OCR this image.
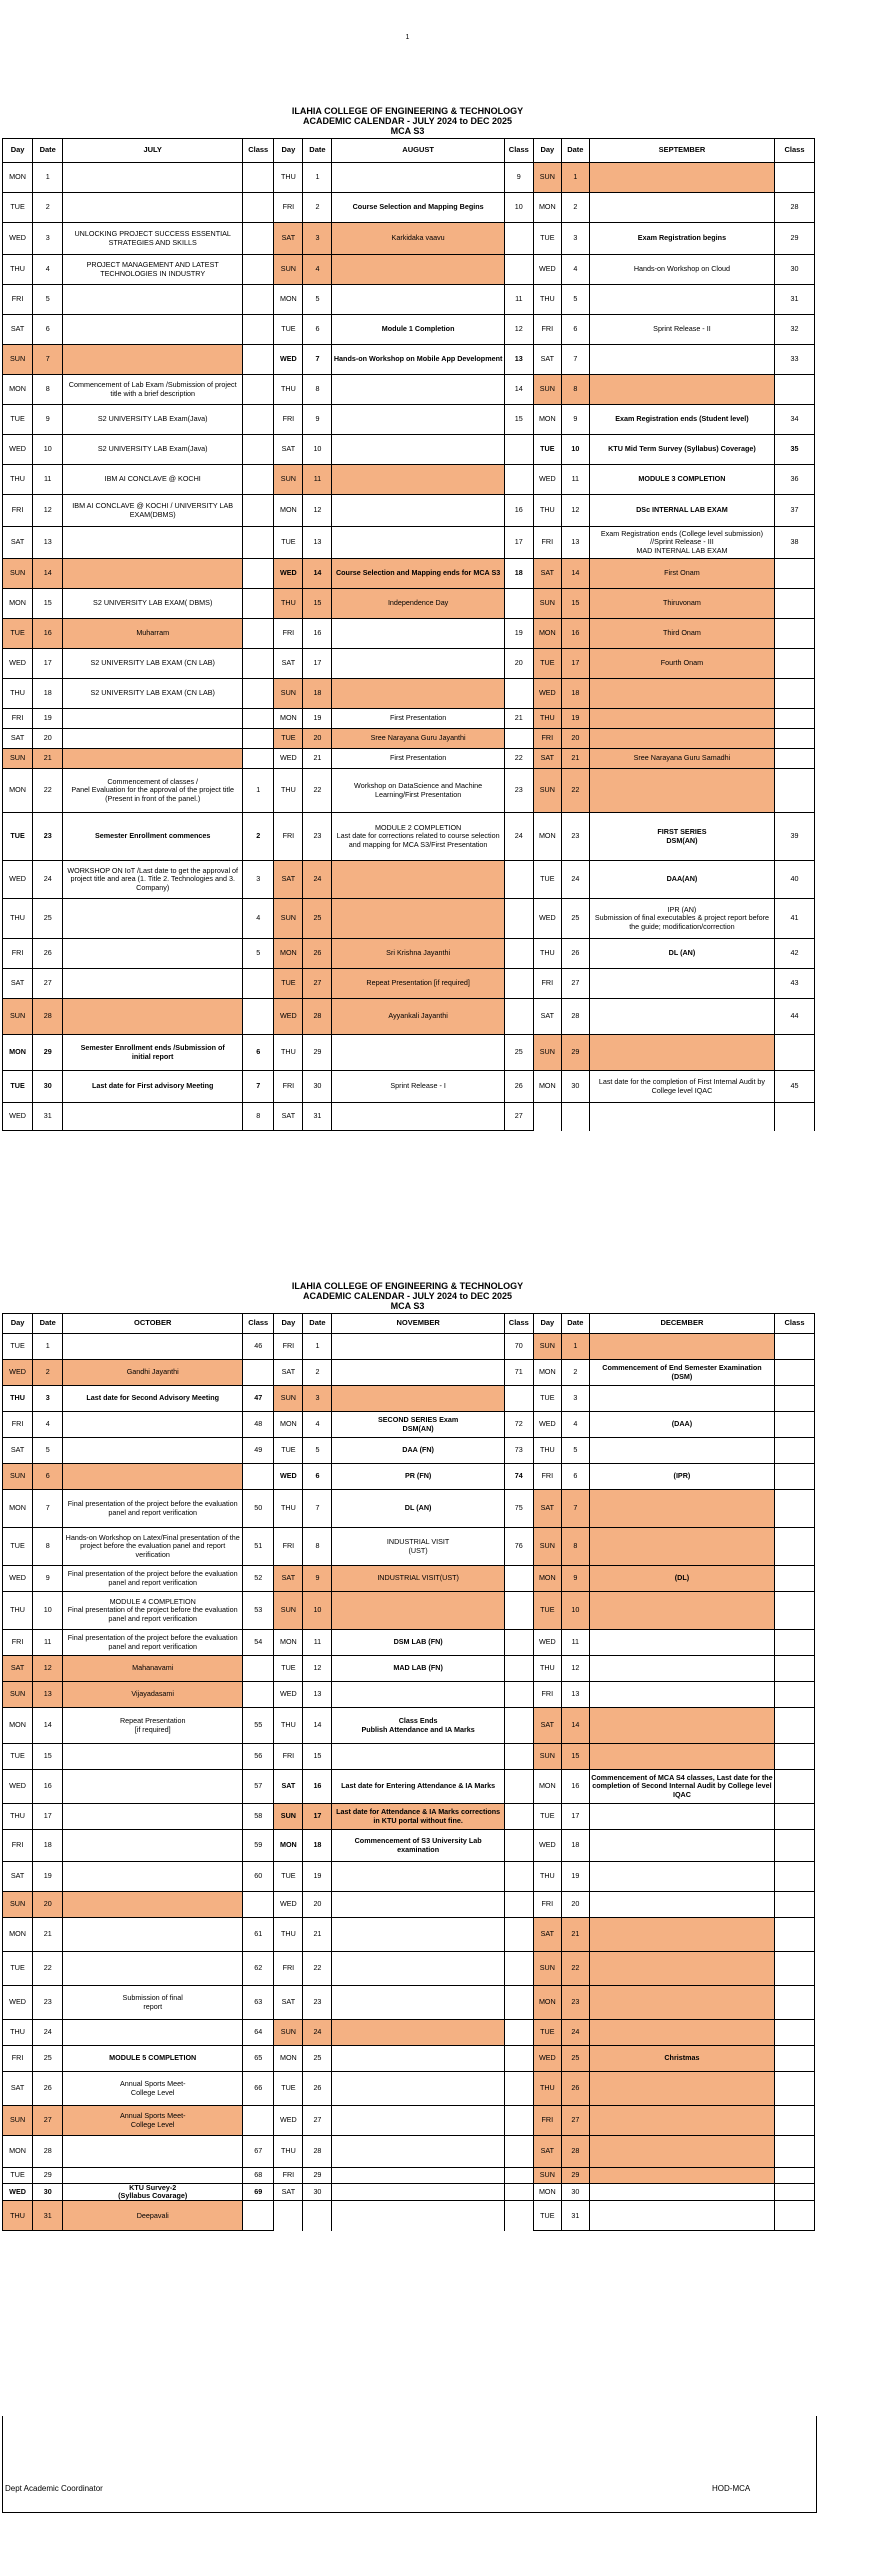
1
ILAHIA COLLEGE OF ENGINEERING & TECHNOLOGY
ACADEMIC CALENDAR - JULY 2024 to DEC 2025
MCA S3
Day	Date	JULY	Class	Day	Date	AUGUST	Class	Day	Date	SEPTEMBER	Class
MON	1			THU	1		9	SUN	1		
TUE	2			FRI	2	Course Selection and Mapping Begins	10	MON	2		28
WED	3	UNLOCKING PROJECT SUCCESS ESSENTIAL STRATEGIES AND SKILLS		SAT	3	Karkidaka vaavu		TUE	3	Exam Registration begins	29
THU	4	PROJECT MANAGEMENT AND LATEST TECHNOLOGIES IN INDUSTRY		SUN	4			WED	4	Hands-on Workshop on Cloud	30
FRI	5			MON	5		11	THU	5		31
SAT	6			TUE	6	Module 1 Completion	12	FRI	6	Sprint Release - II	32
SUN	7			WED	7	Hands-on Workshop on Mobile App Development	13	SAT	7		33
MON	8	Commencement of Lab Exam /Submission of project title with a brief description		THU	8		14	SUN	8		
TUE	9	S2 UNIVERSITY LAB Exam(Java)		FRI	9		15	MON	9	Exam Registration ends (Student level)	34
WED	10	S2 UNIVERSITY LAB Exam(Java)		SAT	10			TUE	10	KTU Mid Term Survey (Syllabus) Coverage)	35
THU	11	IBM AI CONCLAVE @ KOCHI		SUN	11			WED	11	MODULE 3 COMPLETION	36
FRI	12	IBM AI CONCLAVE @ KOCHI / UNIVERSITY LAB EXAM(DBMS)		MON	12		16	THU	12	DSc INTERNAL LAB EXAM	37
SAT	13			TUE	13		17	FRI	13	Exam Registration ends (College level submission) //Sprint Release - III
MAD INTERNAL LAB EXAM	38
SUN	14			WED	14	Course Selection and Mapping ends for MCA S3	18	SAT	14	First Onam	
MON	15	S2 UNIVERSITY LAB EXAM( DBMS)		THU	15	Independence Day		SUN	15	Thiruvonam	
TUE	16	Muharram		FRI	16		19	MON	16	Third Onam	
WED	17	S2 UNIVERSITY LAB EXAM (CN LAB)		SAT	17		20	TUE	17	Fourth Onam	
THU	18	S2 UNIVERSITY LAB EXAM (CN LAB)		SUN	18			WED	18		
FRI	19			MON	19	First Presentation	21	THU	19		
SAT	20			TUE	20	Sree Narayana Guru Jayanthi		FRI	20		
SUN	21			WED	21	First Presentation	22	SAT	21	Sree Narayana Guru Samadhi	
MON	22	Commencement of classes /
Panel Evaluation for the approval of the project title
(Present in front of the panel.)	1	THU	22	Workshop on DataScience and Machine Learning/First Presentation	23	SUN	22		
TUE	23	Semester Enrollment commences	2	FRI	23	MODULE 2 COMPLETION
Last date for corrections related to course selection and mapping for MCA S3/First Presentation	24	MON	23	FIRST SERIES
DSM(AN)	39
WED	24	WORKSHOP ON IoT /Last date to get the approval of project title and area (1. Title 2. Technologies and 3. Company)	3	SAT	24			TUE	24	DAA(AN)	40
THU	25		4	SUN	25			WED	25	IPR (AN)
Submission of final executables & project report before the guide; modification/correction	41
FRI	26		5	MON	26	Sri Krishna Jayanthi		THU	26	DL (AN)	42
SAT	27			TUE	27	Repeat Presentation [if required]		FRI	27		43
SUN	28			WED	28	Ayyankali Jayanthi		SAT	28		44
MON	29	Semester Enrollment ends /Submission of
initial report	6	THU	29		25	SUN	29		
TUE	30	Last date for First advisory Meeting	7	FRI	30	Sprint Release - I	26	MON	30	Last date for the completion of First Internal Audit by College level IQAC	45
WED	31		8	SAT	31		27				
ILAHIA COLLEGE OF ENGINEERING & TECHNOLOGY
ACADEMIC CALENDAR - JULY 2024 to DEC 2025
MCA S3
Day	Date	OCTOBER	Class	Day	Date	NOVEMBER	Class	Day	Date	DECEMBER	Class
TUE	1		46	FRI	1		70	SUN	1		
WED	2	Gandhi Jayanthi		SAT	2		71	MON	2	Commencement of End Semester Examination
(DSM)	
THU	3	Last date for Second Advisory Meeting	47	SUN	3			TUE	3		
FRI	4		48	MON	4	SECOND SERIES Exam
DSM(AN)	72	WED	4	(DAA)	
SAT	5		49	TUE	5	DAA (FN)	73	THU	5		
SUN	6			WED	6	PR (FN)	74	FRI	6	(IPR)	
MON	7	Final presentation of the project before the evaluation panel and report verification	50	THU	7	DL (AN)	75	SAT	7		
TUE	8	Hands-on Workshop on Latex/Final presentation of the project before the evaluation panel and report verification	51	FRI	8	INDUSTRIAL VISIT
(UST)	76	SUN	8		
WED	9	Final presentation of the project before the evaluation panel and report verification	52	SAT	9	INDUSTRIAL VISIT(UST)		MON	9	(DL)	
THU	10	MODULE 4 COMPLETION
Final presentation of the project before the evaluation panel and report verification	53	SUN	10			TUE	10		
FRI	11	Final presentation of the project before the evaluation panel and report verification	54	MON	11	DSM LAB (FN)		WED	11		
SAT	12	Mahanavami		TUE	12	MAD LAB (FN)		THU	12		
SUN	13	Vijayadasami		WED	13			FRI	13		
MON	14	Repeat Presentation
[if required]	55	THU	14	Class Ends
Publish Attendance and IA Marks		SAT	14		
TUE	15		56	FRI	15			SUN	15		
WED	16		57	SAT	16	Last date for Entering Attendance & IA Marks		MON	16	Commencement of MCA S4 classes, Last date for the completion of Second Internal Audit by College level IQAC	
THU	17		58	SUN	17	Last date for Attendance & IA Marks corrections in KTU portal without fine.		TUE	17		
FRI	18		59	MON	18	Commencement of S3 University Lab examination		WED	18		
SAT	19		60	TUE	19			THU	19		
SUN	20			WED	20			FRI	20		
MON	21		61	THU	21			SAT	21		
TUE	22		62	FRI	22			SUN	22		
WED	23	Submission of final
report	63	SAT	23			MON	23		
THU	24		64	SUN	24			TUE	24		
FRI	25	MODULE 5 COMPLETION	65	MON	25			WED	25	Christmas	
SAT	26	Annual Sports Meet-
College Level	66	TUE	26			THU	26		
SUN	27	Annual Sports Meet-
College Level		WED	27			FRI	27		
MON	28		67	THU	28			SAT	28		
TUE	29		68	FRI	29			SUN	29		
WED	30	KTU Survey-2
(Syllabus Covarage)	69	SAT	30			MON	30		
THU	31	Deepavali						TUE	31		
Dept Academic Coordinator	HOD-MCA
